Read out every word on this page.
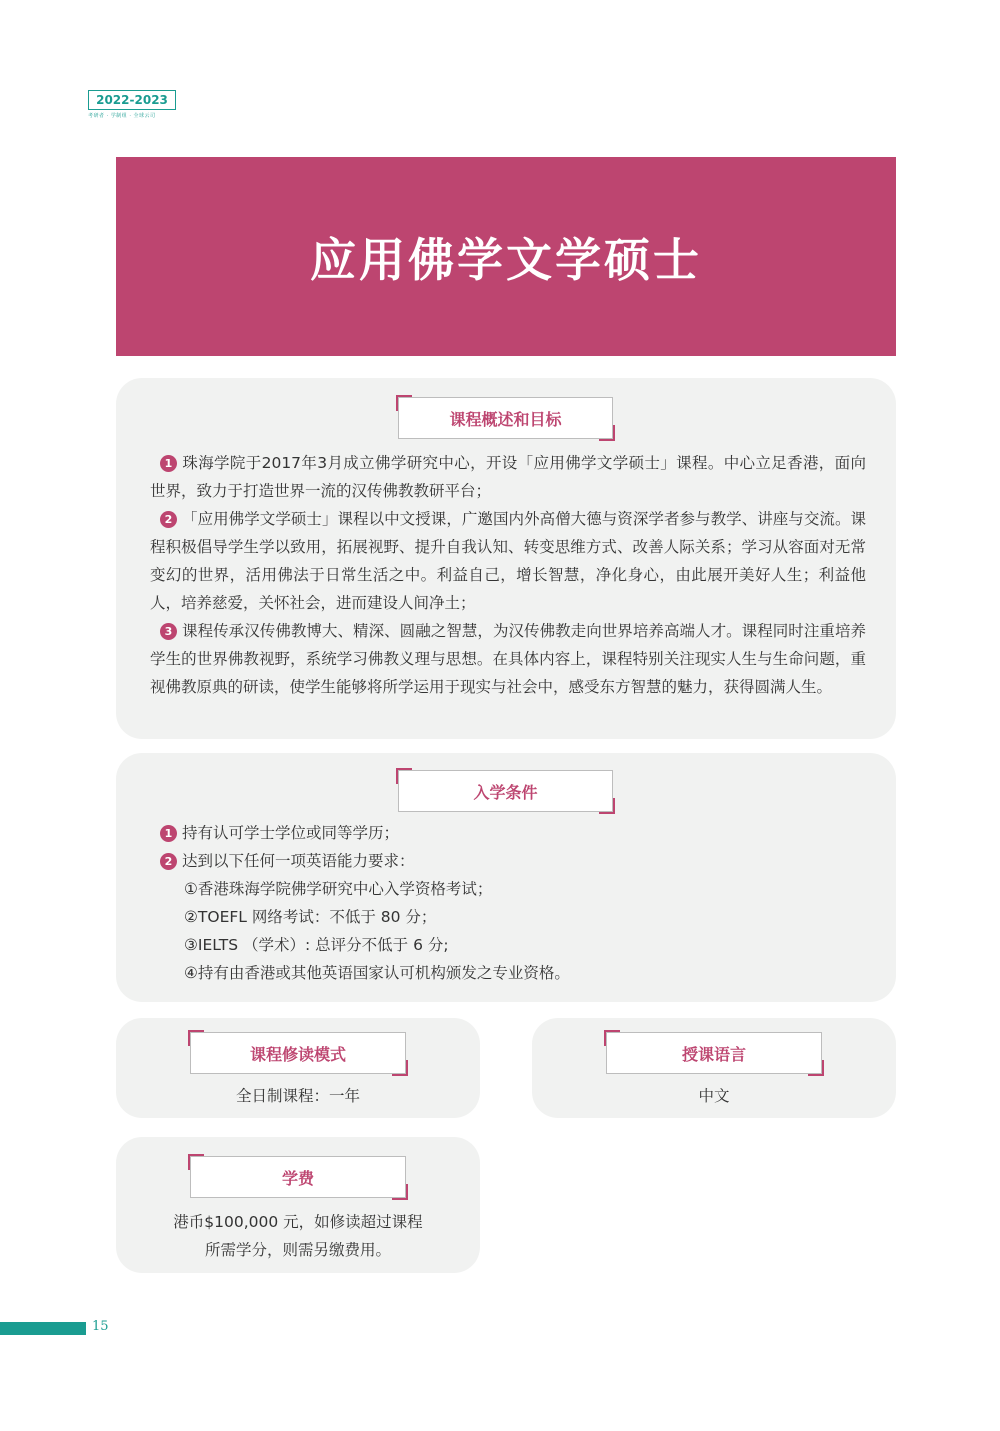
2022-2023
考研者 · 学制组 · 全球云司
应用佛学文学硕士
课程概述和目标
1 珠海学院于2017年3月成立佛学研究中心，开设「应用佛学文学硕士」课程。中心立足香港，面向世界，致力于打造世界一流的汉传佛教教研平台；
2 「应用佛学文学硕士」课程以中文授课，广邀国内外高僧大德与资深学者参与教学、讲座与交流。课程积极倡导学生学以致用，拓展视野、提升自我认知、转变思维方式、改善人际关系；学习从容面对无常变幻的世界，活用佛法于日常生活之中。利益自己，增长智慧，净化身心，由此展开美好人生；利益他人，培养慈爱，关怀社会，进而建设人间净土；
3 课程传承汉传佛教博大、精深、圆融之智慧，为汉传佛教走向世界培养高端人才。课程同时注重培养学生的世界佛教视野，系统学习佛教义理与思想。在具体内容上，课程特别关注现实人生与生命问题，重视佛教原典的研读，使学生能够将所学运用于现实与社会中，感受东方智慧的魅力，获得圆满人生。
入学条件
1 持有认可学士学位或同等学历；
2 达到以下任何一项英语能力要求：
①香港珠海学院佛学研究中心入学资格考试；
②TOEFL 网络考试：不低于 80 分；
③IELTS （学术）: 总评分不低于 6 分;
④持有由香港或其他英语国家认可机构颁发之专业资格。
课程修读模式
全日制课程：一年
授课语言
中文
学费
港币$100,000 元，如修读超过课程
所需学分，则需另缴费用。
15
